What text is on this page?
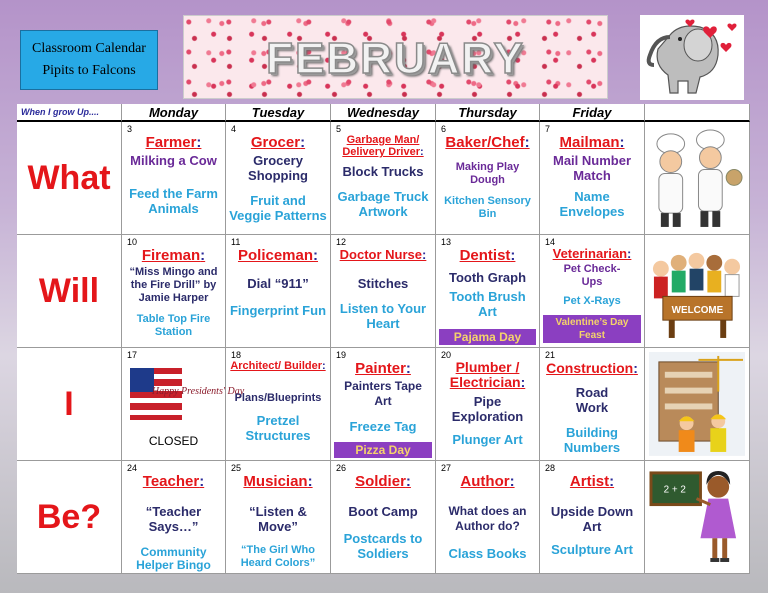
Classroom Calendar
Pipits to Falcons	FEBRUARY
When I grow Up....	Monday	Tuesday	Wednesday	Thursday	Friday
What
3
Farmer:
Milking a Cow
Feed the Farm Animals
4
Grocer:
Grocery Shopping
Fruit and Veggie Patterns
5
Garbage Man/ Delivery Driver:
Block Trucks
Garbage Truck Artwork
6
Baker/Chef:
Making Play Dough
Kitchen Sensory Bin
7
Mailman:
Mail Number Match
Name Envelopes
Will
10
Fireman:
“Miss Mingo and the Fire Drill” by Jamie Harper
Table Top Fire Station
11
Policeman:
Dial “911”
Fingerprint Fun
12
Doctor Nurse:
Stitches
Listen to Your Heart
13
Dentist:
Tooth Graph
Tooth Brush Art
Pajama Day
14
Veterinarian:
Pet Check-Ups
Pet X-Rays
Valentine’s Day Feast
WELCOME
I
17
Happy Presidents' Day
CLOSED
18
Architect/ Builder:
Plans/Blueprints
Pretzel Structures
19
Painter:
Painters Tape Art
Freeze Tag
Pizza Day
20
Plumber / Electrician:
Pipe Exploration
Plunger Art
21
Construction:
Road Work
Building Numbers
Be?
24
Teacher:
“Teacher Says…”
Community Helper Bingo
25
Musician:
“Listen & Move”
“The Girl Who Heard Colors”
26
Soldier:
Boot Camp
Postcards to Soldiers
27
Author:
What does an Author do?
Class Books
28
Artist:
Upside Down Art
Sculpture Art
2 + 2
